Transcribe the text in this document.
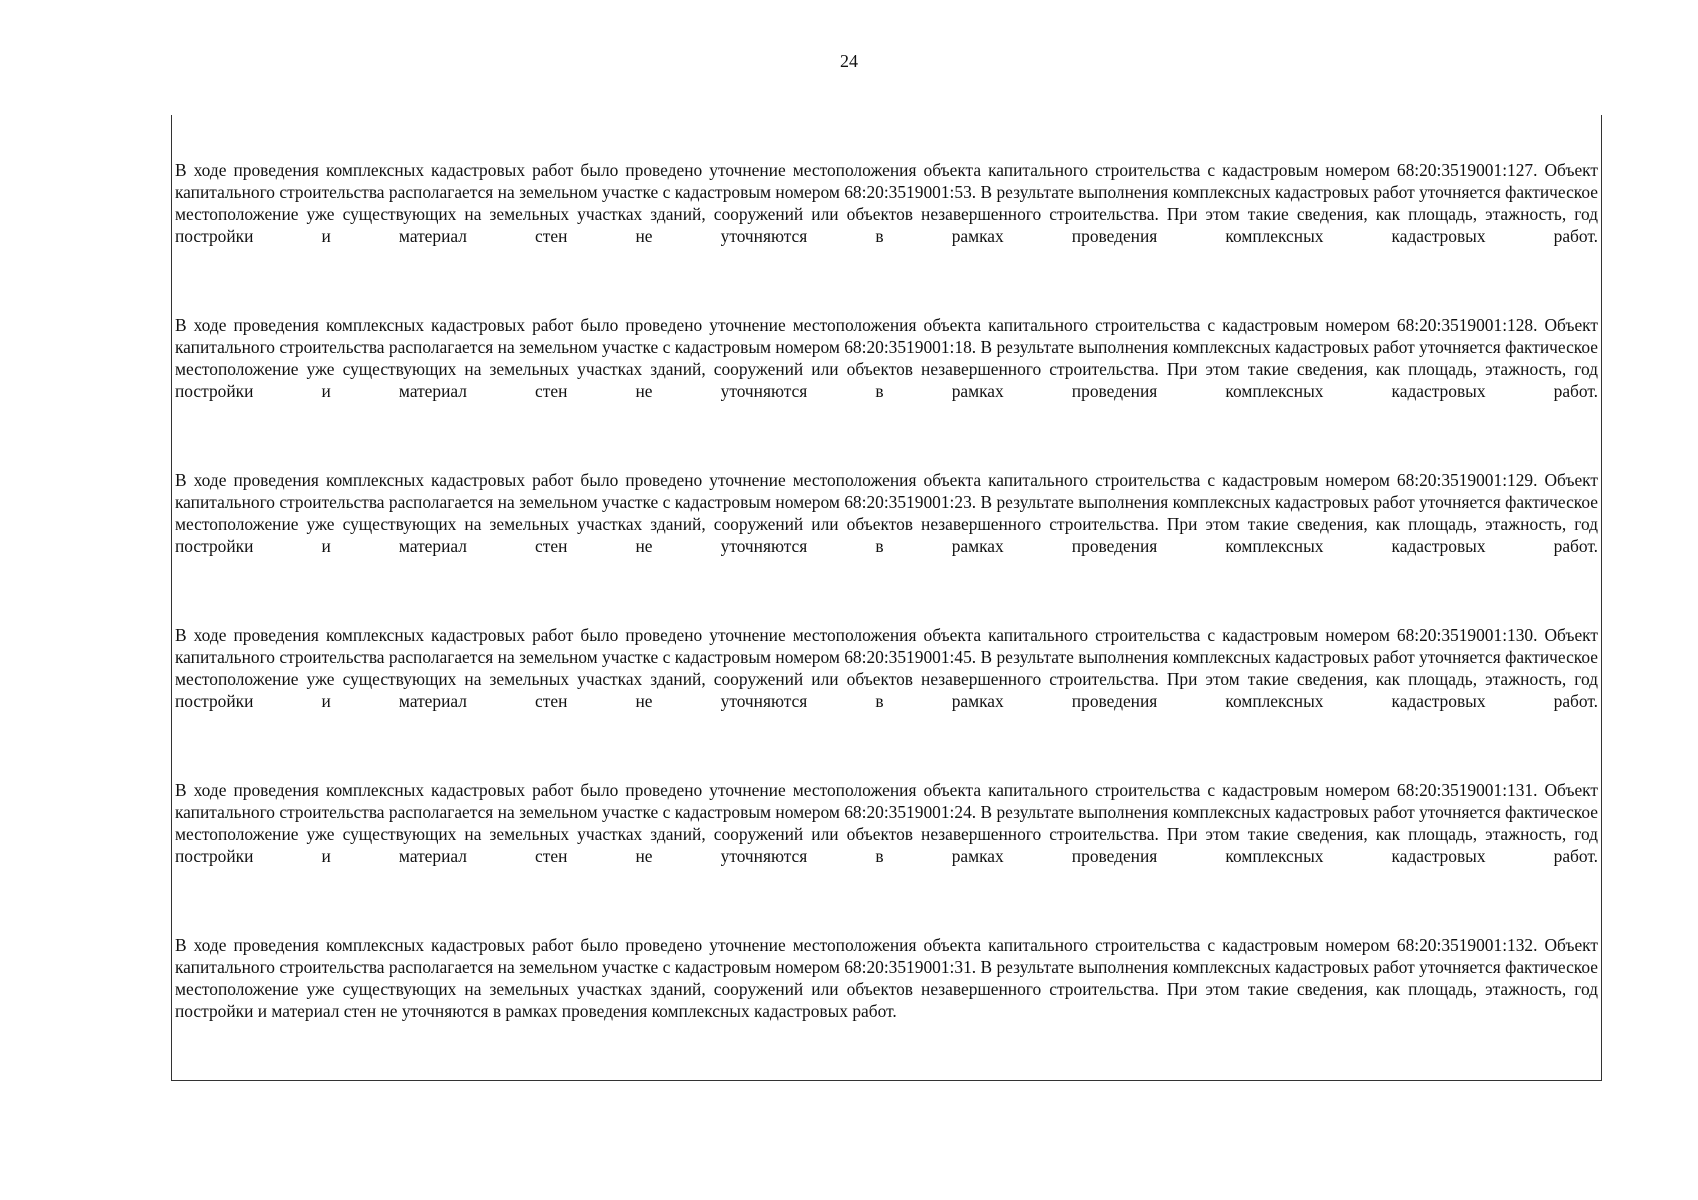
24

В ходе проведения комплексных кадастровых работ было проведено уточнение местоположения объекта капитального строительства с кадастровым номером 68:20:3519001:127. Объект капитального строительства располагается на земельном участке с кадастровым номером 68:20:3519001:53. В результате выполнения комплексных кадастровых работ уточняется фактическое местоположение уже существующих на земельных участках зданий, сооружений или объектов незавершенного строительства. При этом такие сведения, как площадь, этажность, год постройки и материал стен не уточняются в рамках проведения комплексных кадастровых работ.

В ходе проведения комплексных кадастровых работ было проведено уточнение местоположения объекта капитального строительства с кадастровым номером 68:20:3519001:128. Объект капитального строительства располагается на земельном участке с кадастровым номером 68:20:3519001:18. В результате выполнения комплексных кадастровых работ уточняется фактическое местоположение уже существующих на земельных участках зданий, сооружений или объектов незавершенного строительства. При этом такие сведения, как площадь, этажность, год постройки и материал стен не уточняются в рамках проведения комплексных кадастровых работ.

В ходе проведения комплексных кадастровых работ было проведено уточнение местоположения объекта капитального строительства с кадастровым номером 68:20:3519001:129. Объект капитального строительства располагается на земельном участке с кадастровым номером 68:20:3519001:23. В результате выполнения комплексных кадастровых работ уточняется фактическое местоположение уже существующих на земельных участках зданий, сооружений или объектов незавершенного строительства. При этом такие сведения, как площадь, этажность, год постройки и материал стен не уточняются в рамках проведения комплексных кадастровых работ.

В ходе проведения комплексных кадастровых работ было проведено уточнение местоположения объекта капитального строительства с кадастровым номером 68:20:3519001:130. Объект капитального строительства располагается на земельном участке с кадастровым номером 68:20:3519001:45. В результате выполнения комплексных кадастровых работ уточняется фактическое местоположение уже существующих на земельных участках зданий, сооружений или объектов незавершенного строительства. При этом такие сведения, как площадь, этажность, год постройки и материал стен не уточняются в рамках проведения комплексных кадастровых работ.

В ходе проведения комплексных кадастровых работ было проведено уточнение местоположения объекта капитального строительства с кадастровым номером 68:20:3519001:131. Объект капитального строительства располагается на земельном участке с кадастровым номером 68:20:3519001:24. В результате выполнения комплексных кадастровых работ уточняется фактическое местоположение уже существующих на земельных участках зданий, сооружений или объектов незавершенного строительства. При этом такие сведения, как площадь, этажность, год постройки и материал стен не уточняются в рамках проведения комплексных кадастровых работ.

В ходе проведения комплексных кадастровых работ было проведено уточнение местоположения объекта капитального строительства с кадастровым номером 68:20:3519001:132. Объект капитального строительства располагается на земельном участке с кадастровым номером 68:20:3519001:31. В результате выполнения комплексных кадастровых работ уточняется фактическое местоположение уже существующих на земельных участках зданий, сооружений или объектов незавершенного строительства. При этом такие сведения, как площадь, этажность, год постройки и материал стен не уточняются в рамках проведения комплексных кадастровых работ.
